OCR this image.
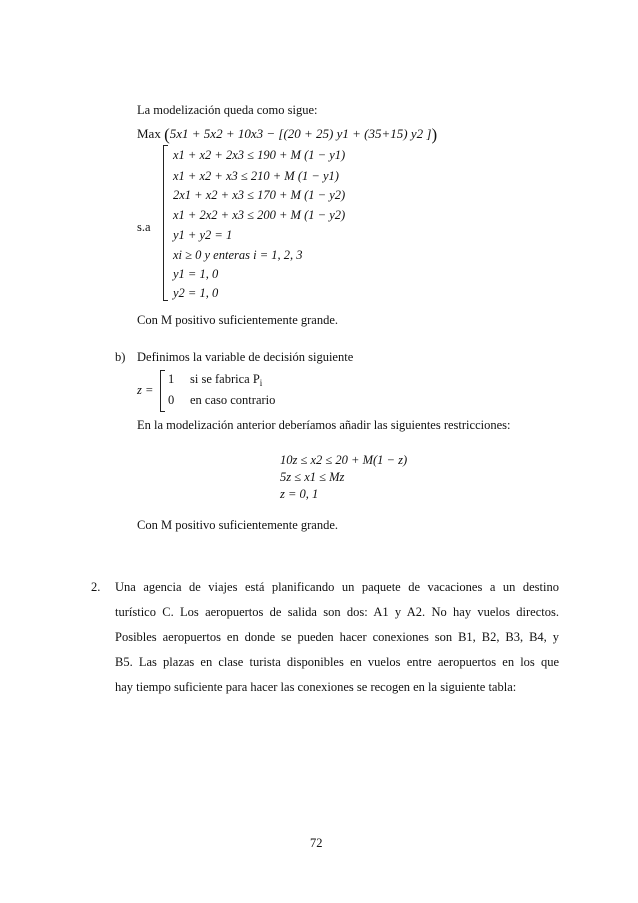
La modelización queda como sigue:
Max (5x1 + 5x2 + 10x3 − [(20 + 25) y1 + (35+15) y2 ])
s.a
x1 + x2 + 2x3 ≤ 190 + M (1 − y1)
x1 + x2 + x3 ≤ 210 + M (1 − y1)
2x1 + x2 + x3 ≤ 170 + M (1 − y2)
x1 + 2x2 + x3 ≤ 200 + M (1 − y2)
y1 + y2 = 1
xi ≥ 0 y enteras i = 1, 2, 3
y1 = 1, 0
y2 = 1, 0
Con M positivo suficientemente grande.
b) Definimos la variable de decisión siguiente
z =
1 si se fabrica $P_i$
0 en caso contrario
En la modelización anterior deberíamos añadir las siguientes restricciones:
10z ≤ x2 ≤ 20 + M(1 − z)
5z ≤ x1 ≤ Mz
z = 0, 1
Con M positivo suficientemente grande.
2. Una agencia de viajes está planificando un paquete de vacaciones a un destino
turístico C. Los aeropuertos de salida son dos: A1 y A2. No hay vuelos directos.
Posibles aeropuertos en donde se pueden hacer conexiones son B1, B2, B3, B4, y
B5. Las plazas en clase turista disponibles en vuelos entre aeropuertos en los que
hay tiempo suficiente para hacer las conexiones se recogen en la siguiente tabla:
72
